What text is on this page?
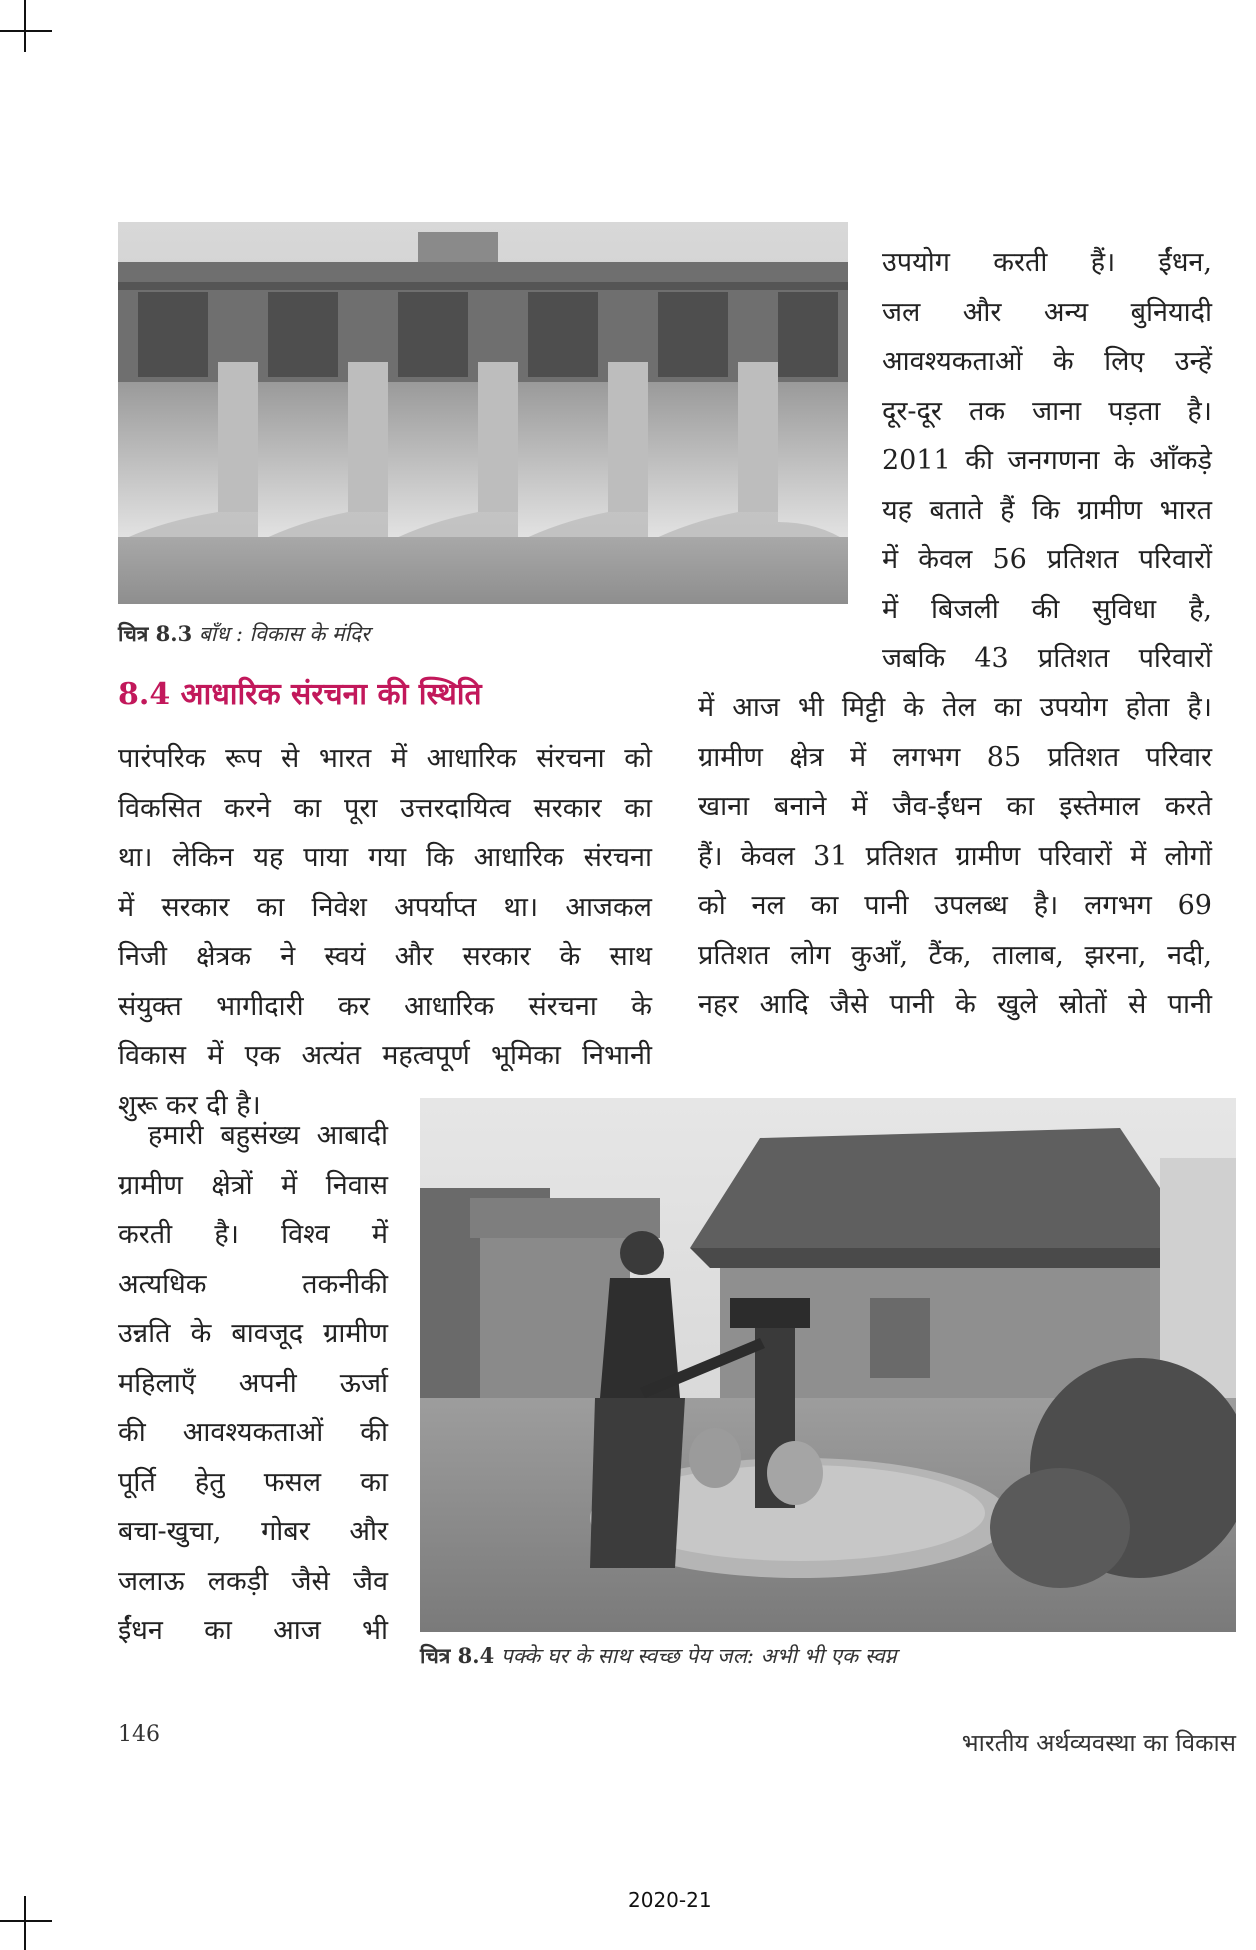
चित्र 8.3 बाँध : विकास के मंदिर
उपयोग करती हैं। ईंधन,
जल और अन्य बुनियादी
आवश्यकताओं के लिए उन्हें
दूर-दूर तक जाना पड़ता है।
2011 की जनगणना के आँकड़े
यह बताते हैं कि ग्रामीण भारत
में केवल 56 प्रतिशत परिवारों
में बिजली की सुविधा है,
जबकि 43 प्रतिशत परिवारों
8.4 आधारिक संरचना की स्थिति	में आज भी मिट्टी के तेल का उपयोग होता है।
ग्रामीण क्षेत्र में लगभग 85 प्रतिशत परिवार
खाना बनाने में जैव-ईंधन का इस्तेमाल करते
हैं। केवल 31 प्रतिशत ग्रामीण परिवारों में लोगों
को नल का पानी उपलब्ध है। लगभग 69
प्रतिशत लोग कुआँ, टैंक, तालाब, झरना, नदी,
नहर आदि जैसे पानी के खुले स्रोतों से पानी
पारंपरिक रूप से भारत में आधारिक संरचना को
विकसित करने का पूरा उत्तरदायित्व सरकार का
था। लेकिन यह पाया गया कि आधारिक संरचना
में सरकार का निवेश अपर्याप्त था। आजकल
निजी क्षेत्रक ने स्वयं और सरकार के साथ
संयुक्त भागीदारी कर आधारिक संरचना के
विकास में एक अत्यंत महत्वपूर्ण भूमिका निभानी
शुरू कर दी है।
हमारी बहुसंख्य आबादी
ग्रामीण क्षेत्रों में निवास
करती है। विश्व में
अत्यधिक तकनीकी
उन्नति के बावजूद ग्रामीण
महिलाएँ अपनी ऊर्जा
की आवश्यकताओं की
पूर्ति हेतु फसल का
बचा-खुचा, गोबर और
जलाऊ लकड़ी जैसे जैव
ईंधन का आज भी
चित्र 8.4 पक्के घर के साथ स्वच्छ पेय जल: अभी भी एक स्वप्न
146	भारतीय अर्थव्यवस्था का विकास
2020-21
